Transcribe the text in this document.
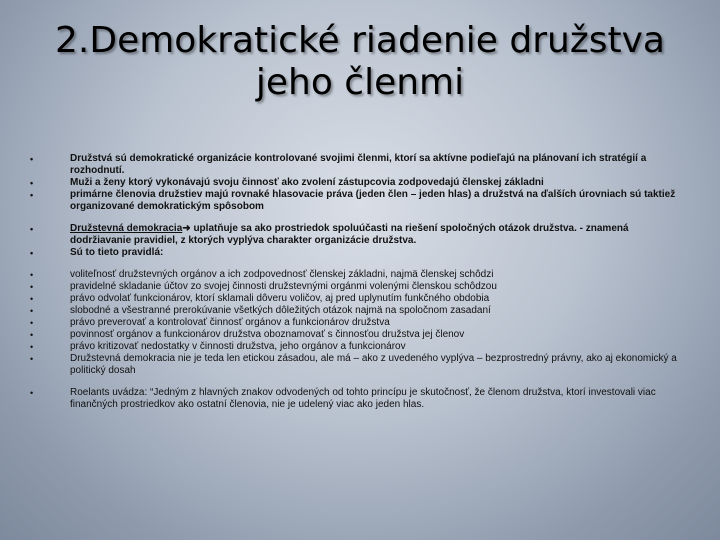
2.Demokratické riadenie družstva
jeho členmi
•	Družstvá sú demokratické organizácie kontrolované svojimi členmi, ktorí sa aktívne podieľajú na plánovaní ich stratégií a rozhodnutí.
•	Muži a ženy ktorý vykonávajú svoju činnosť ako zvolení zástupcovia zodpovedajú členskej základni
•	primárne členovia družstiev majú rovnaké hlasovacie práva (jeden člen – jeden hlas) a družstvá na ďalších úrovniach sú taktiež organizované demokratickým spôsobom
•	Družstevná demokracia➜ uplatňuje sa ako prostriedok spoluúčasti na riešení spoločných otázok družstva. - znamená dodržiavanie pravidiel, z ktorých vyplýva charakter organizácie družstva.
•	Sú to tieto pravidlá:
•	voliteľnosť družstevných orgánov a ich zodpovednosť členskej základni, najmä členskej schôdzi
•	pravidelné skladanie účtov zo svojej činnosti družstevnými orgánmi volenými členskou schôdzou
•	právo odvolať funkcionárov, ktorí sklamali dôveru voličov, aj pred uplynutím funkčného obdobia
•	slobodné a všestranné prerokúvanie všetkých dôležitých otázok najmä na spoločnom zasadaní
•	právo preverovať a kontrolovať činnosť orgánov a funkcionárov družstva
•	povinnosť orgánov a funkcionárov družstva oboznamovať s činnosťou družstva jej členov
•	právo kritizovať nedostatky v činnosti družstva, jeho orgánov a funkcionárov
•	Družstevná demokracia nie je teda len etickou zásadou, ale má – ako z uvedeného vyplýva – bezprostredný právny, ako aj ekonomický a politický dosah
•	Roelants uvádza: “Jedným z hlavných znakov odvodených od tohto princípu je skutočnosť, že členom družstva, ktorí investovali viac finančných prostriedkov ako ostatní členovia, nie je udelený viac ako jeden hlas.
